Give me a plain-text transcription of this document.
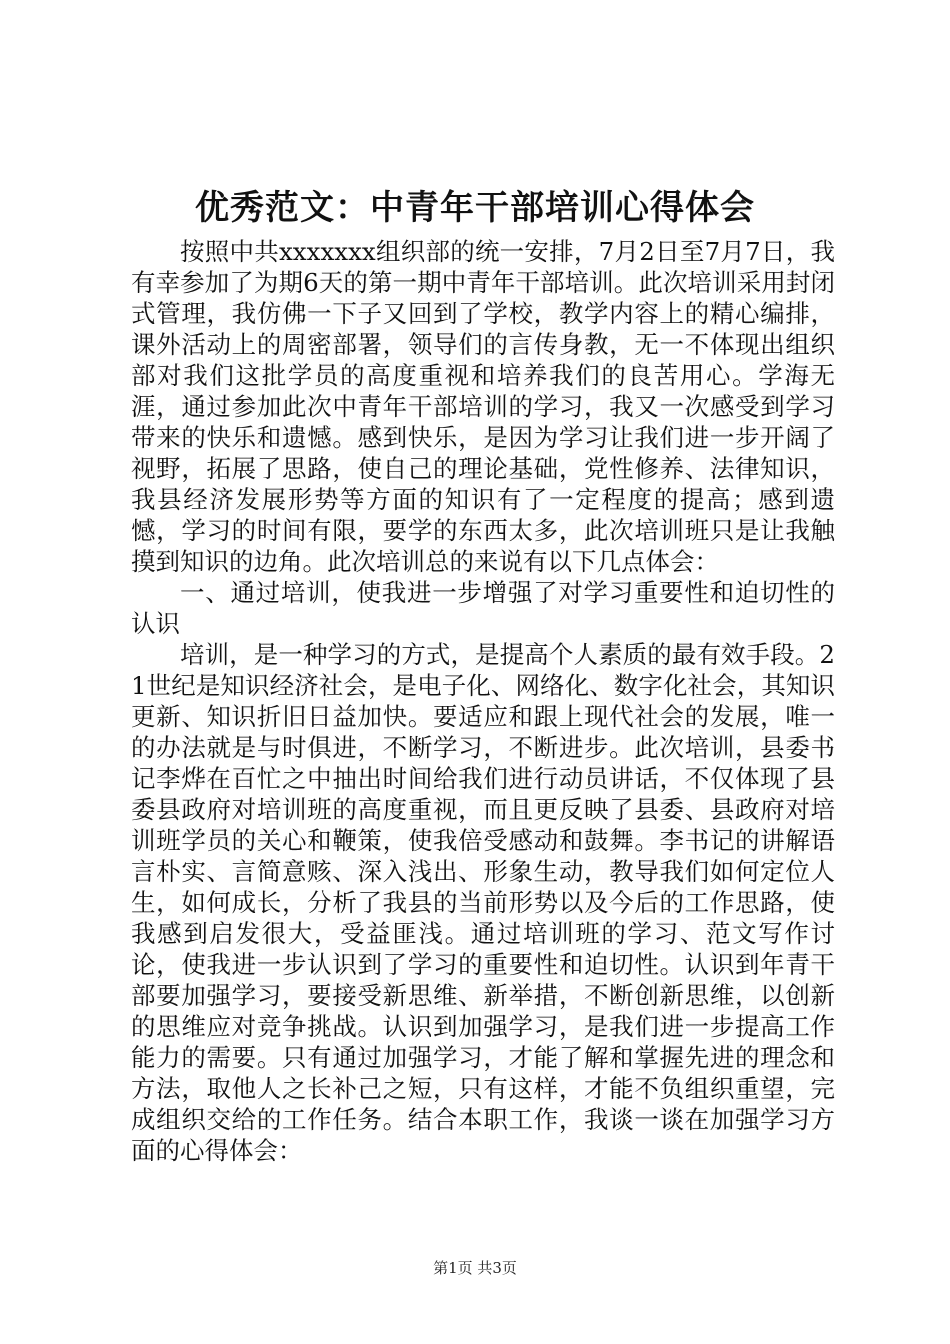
优秀范文：中青年干部培训心得体会

按照中共xxxxxxx组织部的统一安排，7月2日至7月7日，我有幸参加了为期6天的第一期中青年干部培训。此次培训采用封闭式管理，我仿佛一下子又回到了学校，教学内容上的精心编排，课外活动上的周密部署，领导们的言传身教，无一不体现出组织部对我们这批学员的高度重视和培养我们的良苦用心。学海无涯，通过参加此次中青年干部培训的学习，我又一次感受到学习带来的快乐和遗憾。感到快乐，是因为学习让我们进一步开阔了视野，拓展了思路，使自己的理论基础，党性修养、法律知识，我县经济发展形势等方面的知识有了一定程度的提高；感到遗憾，学习的时间有限，要学的东西太多，此次培训班只是让我触摸到知识的边角。此次培训总的来说有以下几点体会：

一、通过培训，使我进一步增强了对学习重要性和迫切性的认识

培训，是一种学习的方式，是提高个人素质的最有效手段。21世纪是知识经济社会，是电子化、网络化、数字化社会，其知识更新、知识折旧日益加快。要适应和跟上现代社会的发展，唯一的办法就是与时俱进，不断学习，不断进步。此次培训，县委书记李烨在百忙之中抽出时间给我们进行动员讲话，不仅体现了县委县政府对培训班的高度重视，而且更反映了县委、县政府对培训班学员的关心和鞭策，使我倍受感动和鼓舞。李书记的讲解语言朴实、言简意赅、深入浅出、形象生动，教导我们如何定位人生，如何成长，分析了我县的当前形势以及今后的工作思路，使我感到启发很大，受益匪浅。通过培训班的学习、范文写作讨论，使我进一步认识到了学习的重要性和迫切性。认识到年青干部要加强学习，要接受新思维、新举措，不断创新思维，以创新的思维应对竞争挑战。认识到加强学习，是我们进一步提高工作能力的需要。只有通过加强学习，才能了解和掌握先进的理念和方法，取他人之长补己之短，只有这样，才能不负组织重望，完成组织交给的工作任务。结合本职工作，我谈一谈在加强学习方面的心得体会：

第1页 共3页
